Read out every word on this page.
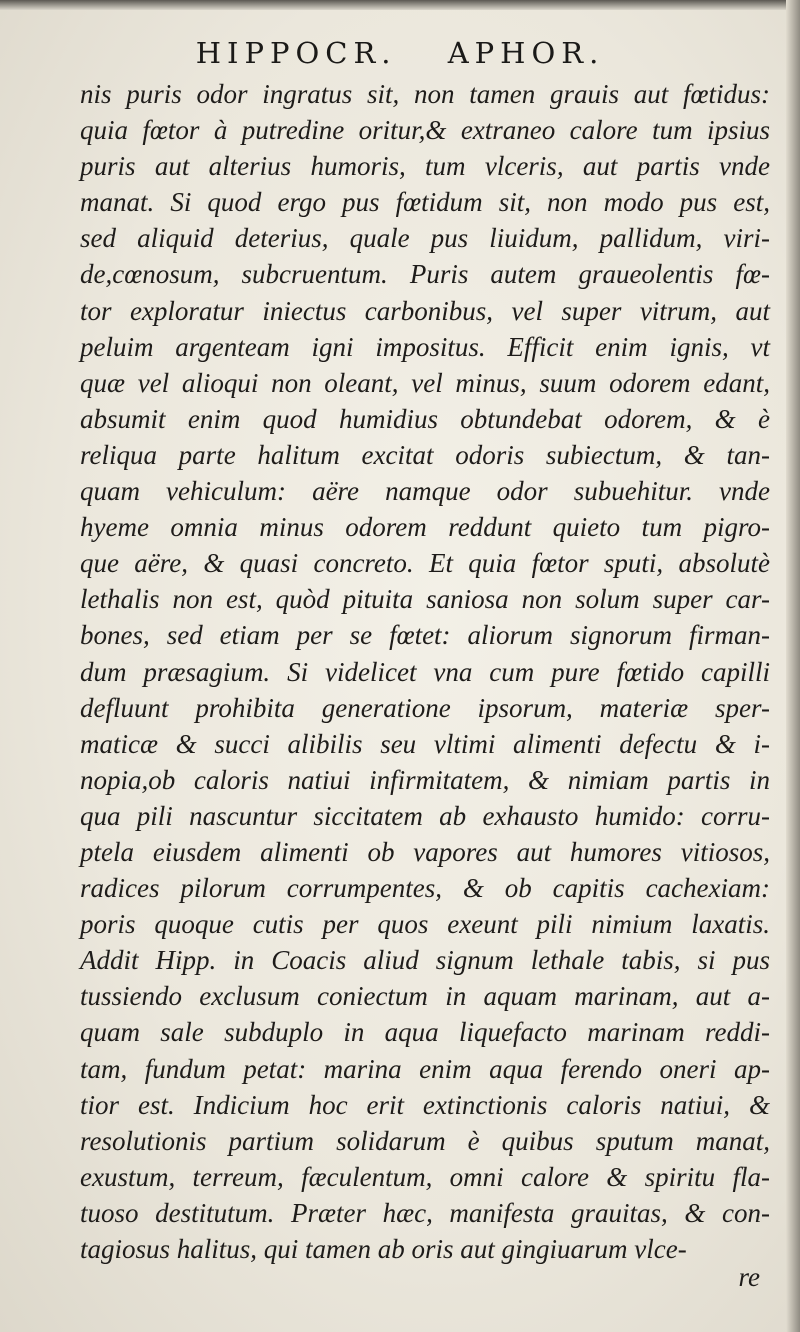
HIPPOCR. APHOR.
nis puris odor ingratus sit, non tamen grauis aut fœtidus:
quia fœtor à putredine oritur,& extraneo calore tum ipsius
puris aut alterius humoris, tum vlceris, aut partis vnde
manat. Si quod ergo pus fœtidum sit, non modo pus est,
sed aliquid deterius, quale pus liuidum, pallidum, viri-
de,cœnosum, subcruentum. Puris autem graueolentis fœ-
tor exploratur iniectus carbonibus, vel super vitrum, aut
peluim argenteam igni impositus. Efficit enim ignis, vt
quæ vel alioqui non oleant, vel minus, suum odorem edant,
absumit enim quod humidius obtundebat odorem, & è
reliqua parte halitum excitat odoris subiectum, & tan-
quam vehiculum: aëre namque odor subuehitur. vnde
hyeme omnia minus odorem reddunt quieto tum pigro-
que aëre, & quasi concreto. Et quia fœtor sputi, absolutè
lethalis non est, quòd pituita saniosa non solum super car-
bones, sed etiam per se fœtet: aliorum signorum firman-
dum præsagium. Si videlicet vna cum pure fœtido capilli
defluunt prohibita generatione ipsorum, materiæ sper-
maticæ & succi alibilis seu vltimi alimenti defectu & i-
nopia,ob caloris natiui infirmitatem, & nimiam partis in
qua pili nascuntur siccitatem ab exhausto humido: corru-
ptela eiusdem alimenti ob vapores aut humores vitiosos,
radices pilorum corrumpentes, & ob capitis cachexiam:
poris quoque cutis per quos exeunt pili nimium laxatis.
Addit Hipp. in Coacis aliud signum lethale tabis, si pus
tussiendo exclusum coniectum in aquam marinam, aut a-
quam sale subduplo in aqua liquefacto marinam reddi-
tam, fundum petat: marina enim aqua ferendo oneri ap-
tior est. Indicium hoc erit extinctionis caloris natiui, &
resolutionis partium solidarum è quibus sputum manat,
exustum, terreum, fæculentum, omni calore & spiritu fla-
tuoso destitutum. Præter hæc, manifesta grauitas, & con-
tagiosus halitus, qui tamen ab oris aut gingiuarum vlce-
re
